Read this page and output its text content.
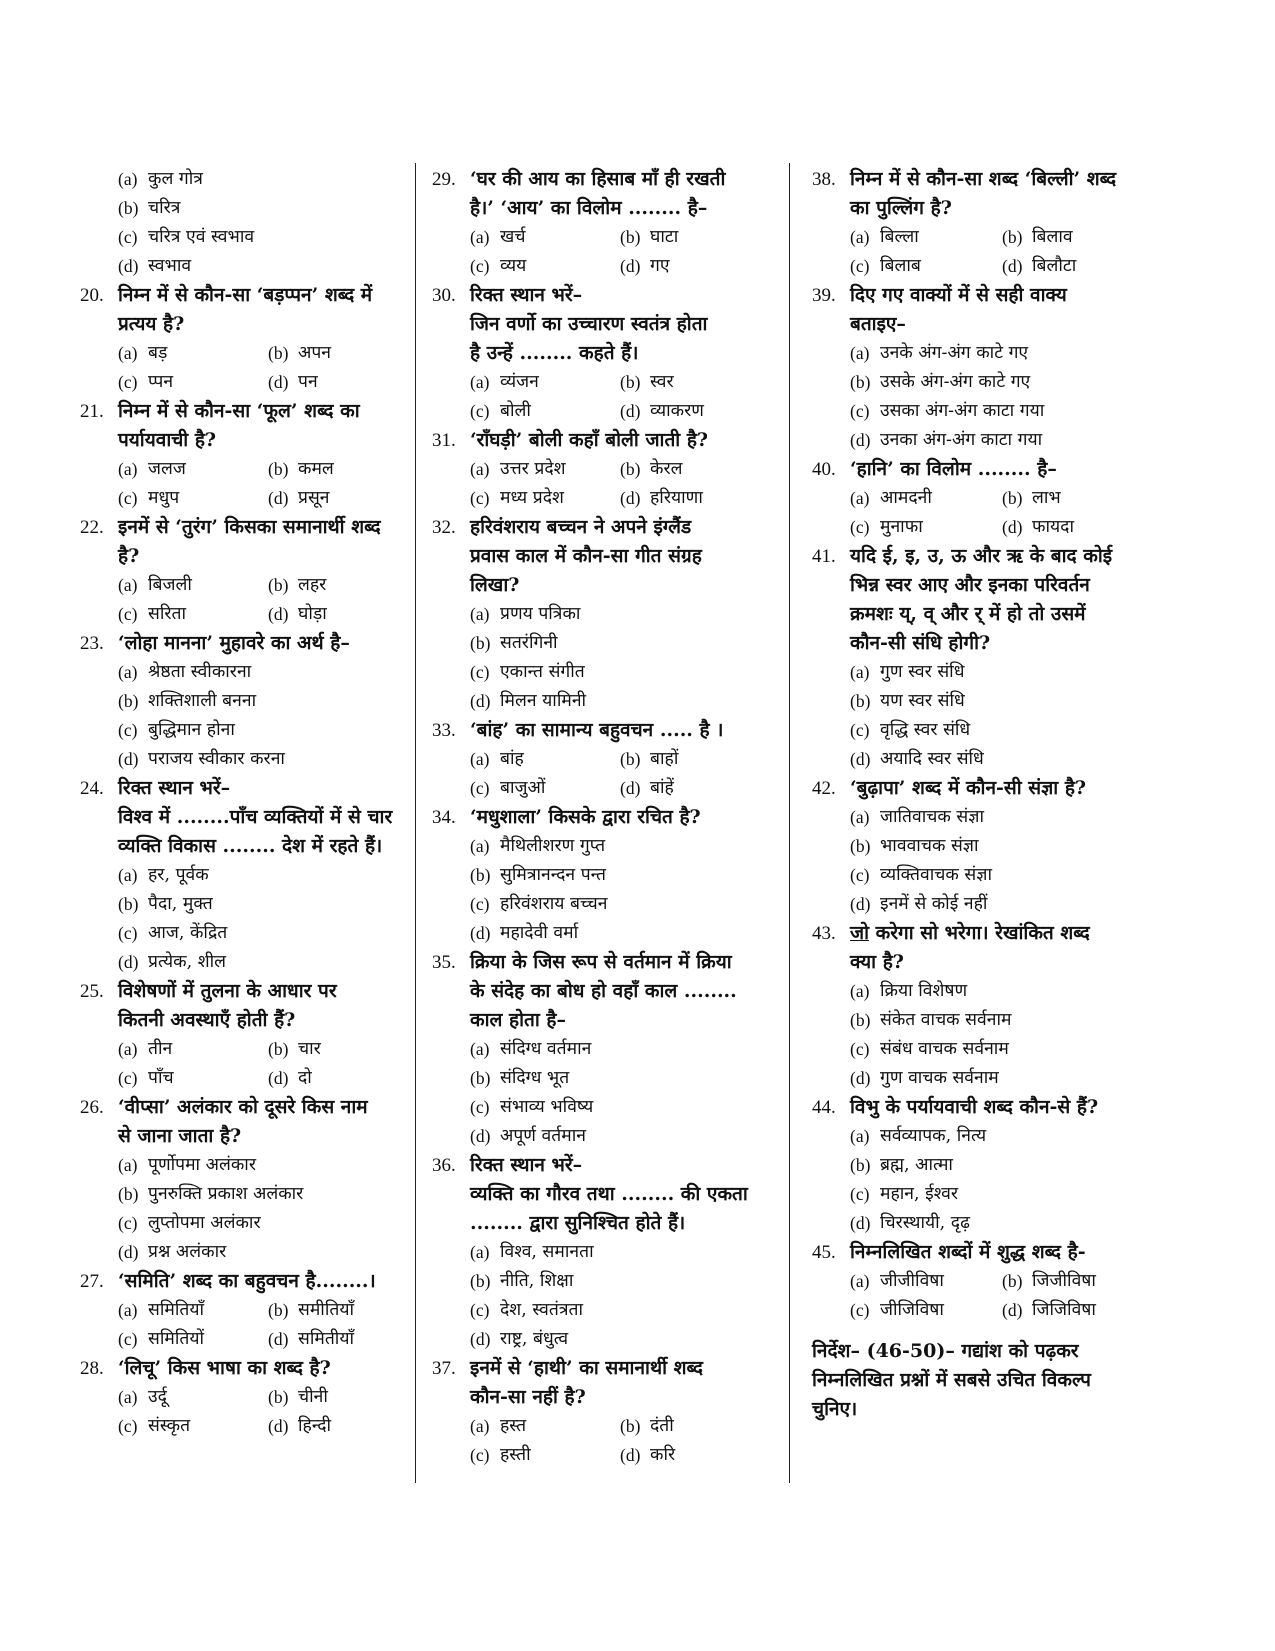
(a) कुल गोत्र
(b) चरित्र
(c) चरित्र एवं स्वभाव
(d) स्वभाव
20. निम्न में से कौन-सा ‘बड़प्पन’ शब्द में
प्रत्यय है?
(a) बड़	(b) अपन
(c) प्पन	(d) पन
21. निम्न में से कौन-सा ‘फूल’ शब्द का
पर्यायवाची है?
(a) जलज	(b) कमल
(c) मधुप	(d) प्रसून
22. इनमें से ‘तुरंग’ किसका समानार्थी शब्द
है?
(a) बिजली	(b) लहर
(c) सरिता	(d) घोड़ा
23. ‘लोहा मानना’ मुहावरे का अर्थ है–
(a) श्रेष्ठता स्वीकारना
(b) शक्तिशाली बनना
(c) बुद्धिमान होना
(d) पराजय स्वीकार करना
24. रिक्त स्थान भरें–
विश्व में ........पाँच व्यक्तियों में से चार
व्यक्ति विकास ........ देश में रहते हैं।
(a) हर, पूर्वक
(b) पैदा, मुक्त
(c) आज, केंद्रित
(d) प्रत्येक, शील
25. विशेषणों में तुलना के आधार पर
कितनी अवस्थाएँ होती हैं?
(a) तीन	(b) चार
(c) पाँच	(d) दो
26. ‘वीप्सा’ अलंकार को दूसरे किस नाम
से जाना जाता है?
(a) पूर्णोपमा अलंकार
(b) पुनरुक्ति प्रकाश अलंकार
(c) लुप्तोपमा अलंकार
(d) प्रश्न अलंकार
27. ‘समिति’ शब्द का बहुवचन है........।
(a) समितियाँ	(b) समीतियाँ
(c) समितियों	(d) समितीयाँ
28. ‘लिचू’ किस भाषा का शब्द है?
(a) उर्दू	(b) चीनी
(c) संस्कृत	(d) हिन्दी
29. ‘घर की आय का हिसाब माँ ही रखती
है।’ ‘आय’ का विलोम ........ है–
(a) खर्च	(b) घाटा
(c) व्यय	(d) गए
30. रिक्त स्थान भरें–
जिन वर्णो का उच्चारण स्वतंत्र होता
है उन्हें ........ कहते हैं।
(a) व्यंजन	(b) स्वर
(c) बोली	(d) व्याकरण
31. ‘राँघड़ी’ बोली कहाँ बोली जाती है?
(a) उत्तर प्रदेश	(b) केरल
(c) मध्य प्रदेश	(d) हरियाणा
32. हरिवंशराय बच्चन ने अपने इंग्लैंड
प्रवास काल में कौन-सा गीत संग्रह
लिखा?
(a) प्रणय पत्रिका
(b) सतरंगिनी
(c) एकान्त संगीत
(d) मिलन यामिनी
33. ‘बांह’ का सामान्य बहुवचन ..... है ।
(a) बांह	(b) बाहों
(c) बाजुओं	(d) बांहें
34. ‘मधुशाला’ किसके द्वारा रचित है?
(a) मैथिलीशरण गुप्त
(b) सुमित्रानन्दन पन्त
(c) हरिवंशराय बच्चन
(d) महादेवी वर्मा
35. क्रिया के जिस रूप से वर्तमान में क्रिया
के संदेह का बोध हो वहाँ काल ........
काल होता है–
(a) संदिग्ध वर्तमान
(b) संदिग्ध भूत
(c) संभाव्य भविष्य
(d) अपूर्ण वर्तमान
36. रिक्त स्थान भरें–
व्यक्ति का गौरव तथा ........ की एकता
........ द्वारा सुनिश्चित होते हैं।
(a) विश्व, समानता
(b) नीति, शिक्षा
(c) देश, स्वतंत्रता
(d) राष्ट्र, बंधुत्व
37. इनमें से ‘हाथी’ का समानार्थी शब्द
कौन-सा नहीं है?
(a) हस्त	(b) दंती
(c) हस्ती	(d) करि
38. निम्न में से कौन-सा शब्द ‘बिल्ली’ शब्द
का पुल्लिंग है?
(a) बिल्ला	(b) बिलाव
(c) बिलाब	(d) बिलौटा
39. दिए गए वाक्यों में से सही वाक्य
बताइए–
(a) उनके अंग-अंग काटे गए
(b) उसके अंग-अंग काटे गए
(c) उसका अंग-अंग काटा गया
(d) उनका अंग-अंग काटा गया
40. ‘हानि’ का विलोम ........ है–
(a) आमदनी	(b) लाभ
(c) मुनाफा	(d) फायदा
41. यदि ई, इ, उ, ऊ और ऋ के बाद कोई
भिन्न स्वर आए और इनका परिवर्तन
क्रमशः य्, व् और र् में हो तो उसमें
कौन-सी संधि होगी?
(a) गुण स्वर संधि
(b) यण स्वर संधि
(c) वृद्धि स्वर संधि
(d) अयादि स्वर संधि
42. ‘बुढ़ापा’ शब्द में कौन-सी संज्ञा है?
(a) जातिवाचक संज्ञा
(b) भाववाचक संज्ञा
(c) व्यक्तिवाचक संज्ञा
(d) इनमें से कोई नहीं
43. जो करेगा सो भरेगा। रेखांकित शब्द
क्या है?
(a) क्रिया विशेषण
(b) संकेत वाचक सर्वनाम
(c) संबंध वाचक सर्वनाम
(d) गुण वाचक सर्वनाम
44. विभु के पर्यायवाची शब्द कौन-से हैं?
(a) सर्वव्यापक, नित्य
(b) ब्रह्म, आत्मा
(c) महान, ईश्वर
(d) चिरस्थायी, दृढ़
45. निम्नलिखित शब्दों में शुद्ध शब्द है-
(a) जीजीविषा	(b) जिजीविषा
(c) जीजिविषा	(d) जिजिविषा
निर्देश– (46-50)– गद्यांश को पढ़कर
निम्नलिखित प्रश्नों में सबसे उचित विकल्प
चुनिए।
